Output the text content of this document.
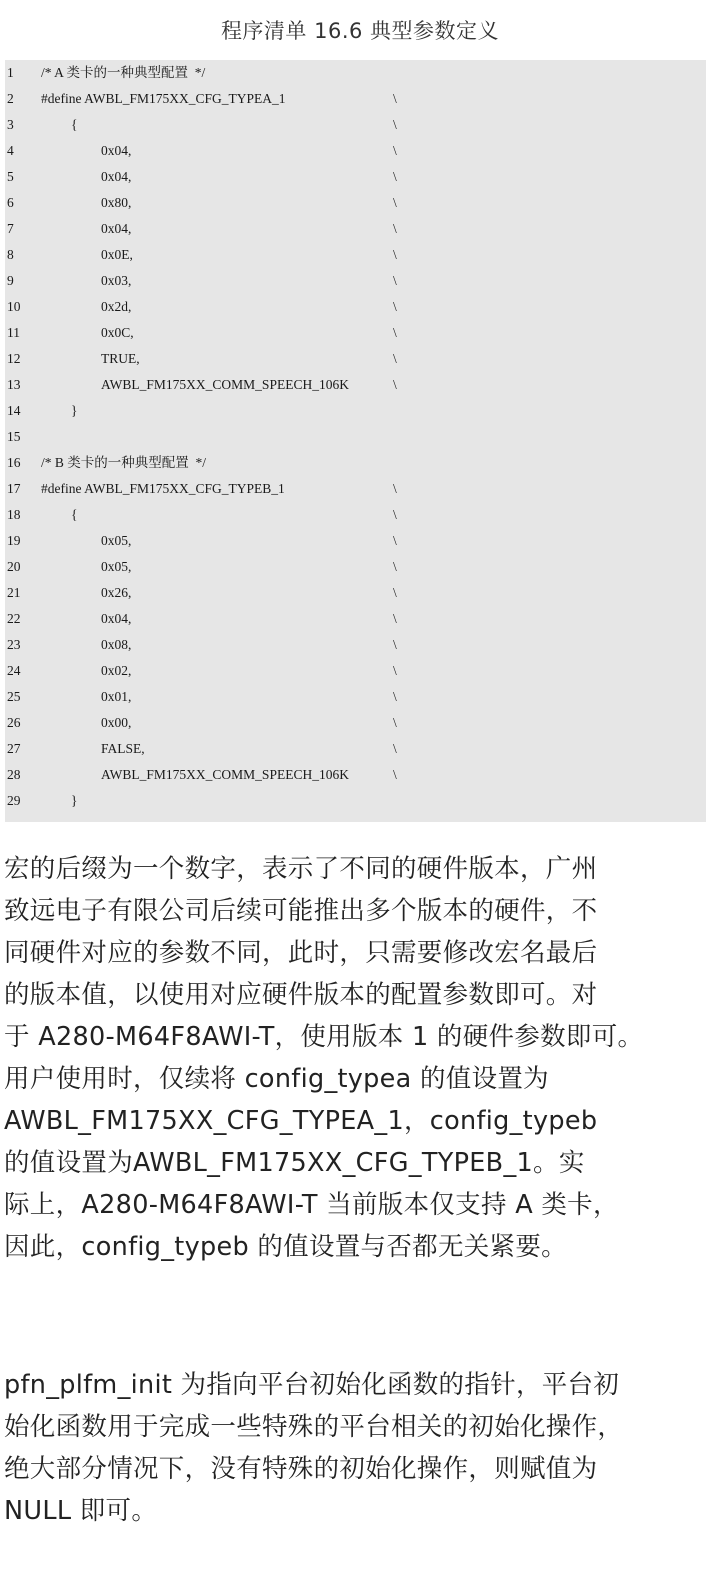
程序清单 16.6 典型参数定义
1 /* A 类卡的一种典型配置  */
2 #define AWBL_FM175XX_CFG_TYPEA_1	\
3	{	\
4	0x04,	\
5	0x04,	\
6	0x80,	\
7	0x04,	\
8	0x0E,	\
9	0x03,	\
10	0x2d,	\
11	0x0C,	\
12	TRUE,	\
13	AWBL_FM175XX_COMM_SPEECH_106K	\
14	}
15
16 /* B 类卡的一种典型配置  */
17 #define AWBL_FM175XX_CFG_TYPEB_1	\
18	{	\
19	0x05,	\
20	0x05,	\
21	0x26,	\
22	0x04,	\
23	0x08,	\
24	0x02,	\
25	0x01,	\
26	0x00,	\
27	FALSE,	\
28	AWBL_FM175XX_COMM_SPEECH_106K	\
29	}

宏的后缀为一个数字，表示了不同的硬件版本，广州
致远电子有限公司后续可能推出多个版本的硬件，不
同硬件对应的参数不同，此时，只需要修改宏名最后
的版本值，以使用对应硬件版本的配置参数即可。对
于 A280-M64F8AWI-T，使用版本 1 的硬件参数即可。
用户使用时，仅续将 config_typea 的值设置为
AWBL_FM175XX_CFG_TYPEA_1，config_typeb
的值设置为AWBL_FM175XX_CFG_TYPEB_1。实
际上，A280-M64F8AWI-T 当前版本仅支持 A 类卡，
因此，config_typeb 的值设置与否都无关紧要。

pfn_plfm_init 为指向平台初始化函数的指针，平台初
始化函数用于完成一些特殊的平台相关的初始化操作，
绝大部分情况下，没有特殊的初始化操作，则赋值为
NULL 即可。
